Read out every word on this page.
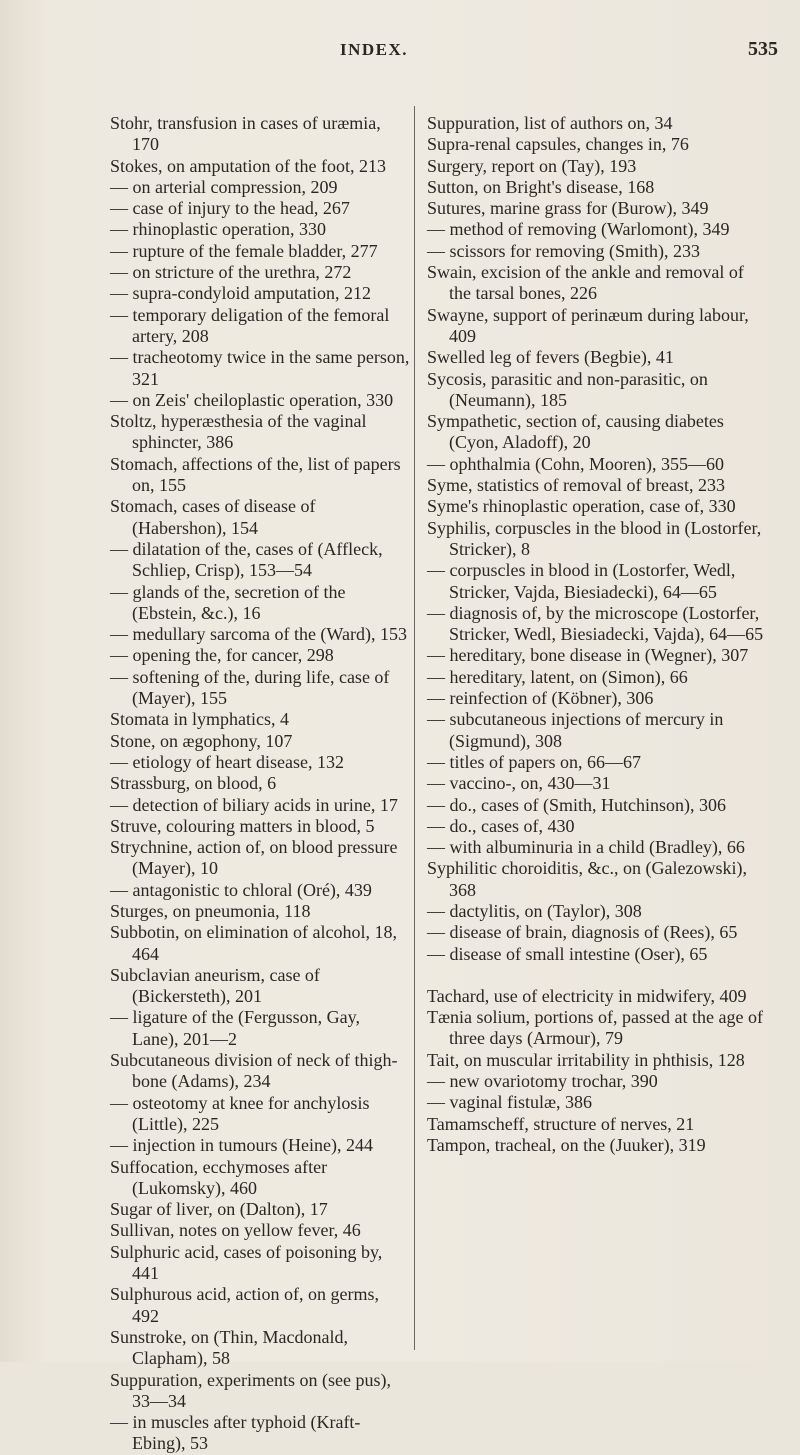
INDEX.	535

Stohr, transfusion in cases of uræmia, 170

Stokes, on amputation of the foot, 213

— on arterial compression, 209

— case of injury to the head, 267

— rhinoplastic operation, 330

— rupture of the female bladder, 277

— on stricture of the urethra, 272

— supra-condyloid amputation, 212

— temporary deligation of the femoral artery, 208

— tracheotomy twice in the same person, 321

— on Zeis' cheiloplastic operation, 330

Stoltz, hyperæsthesia of the vaginal sphincter, 386

Stomach, affections of the, list of papers on, 155

Stomach, cases of disease of (Habershon), 154

— dilatation of the, cases of (Affleck, Schliep, Crisp), 153—54

— glands of the, secretion of the (Ebstein, &c.), 16

— medullary sarcoma of the (Ward), 153

— opening the, for cancer, 298

— softening of the, during life, case of (Mayer), 155

Stomata in lymphatics, 4

Stone, on ægophony, 107

— etiology of heart disease, 132

Strassburg, on blood, 6

— detection of biliary acids in urine, 17

Struve, colouring matters in blood, 5

Strychnine, action of, on blood pressure (Mayer), 10

— antagonistic to chloral (Oré), 439

Sturges, on pneumonia, 118

Subbotin, on elimination of alcohol, 18, 464

Subclavian aneurism, case of (Bickersteth), 201

— ligature of the (Fergusson, Gay, Lane), 201—2

Subcutaneous division of neck of thigh-bone (Adams), 234

— osteotomy at knee for anchylosis (Little), 225

— injection in tumours (Heine), 244

Suffocation, ecchymoses after (Lukomsky), 460

Sugar of liver, on (Dalton), 17

Sullivan, notes on yellow fever, 46

Sulphuric acid, cases of poisoning by, 441

Sulphurous acid, action of, on germs, 492

Sunstroke, on (Thin, Macdonald, Clapham), 58

Suppuration, experiments on (see pus), 33—34

— in muscles after typhoid (Kraft-Ebing), 53

Suppuration, list of authors on, 34

Supra-renal capsules, changes in, 76

Surgery, report on (Tay), 193

Sutton, on Bright's disease, 168

Sutures, marine grass for (Burow), 349

— method of removing (Warlomont), 349

— scissors for removing (Smith), 233

Swain, excision of the ankle and removal of the tarsal bones, 226

Swayne, support of perinæum during labour, 409

Swelled leg of fevers (Begbie), 41

Sycosis, parasitic and non-parasitic, on (Neumann), 185

Sympathetic, section of, causing diabetes (Cyon, Aladoff), 20

— ophthalmia (Cohn, Mooren), 355—60

Syme, statistics of removal of breast, 233

Syme's rhinoplastic operation, case of, 330

Syphilis, corpuscles in the blood in (Lostorfer, Stricker), 8

— corpuscles in blood in (Lostorfer, Wedl, Stricker, Vajda, Biesiadecki), 64—65

— diagnosis of, by the microscope (Lostorfer, Stricker, Wedl, Biesiadecki, Vajda), 64—65

— hereditary, bone disease in (Wegner), 307

— hereditary, latent, on (Simon), 66

— reinfection of (Köbner), 306

— subcutaneous injections of mercury in (Sigmund), 308

— titles of papers on, 66—67

— vaccino-, on, 430—31

— do., cases of (Smith, Hutchinson), 306

— do., cases of, 430

— with albuminuria in a child (Bradley), 66

Syphilitic choroiditis, &c., on (Galezowski), 368

— dactylitis, on (Taylor), 308

— disease of brain, diagnosis of (Rees), 65

— disease of small intestine (Oser), 65

Tachard, use of electricity in midwifery, 409

Tænia solium, portions of, passed at the age of three days (Armour), 79

Tait, on muscular irritability in phthisis, 128

— new ovariotomy trochar, 390

— vaginal fistulæ, 386

Tamamscheff, structure of nerves, 21

Tampon, tracheal, on the (Juuker), 319
